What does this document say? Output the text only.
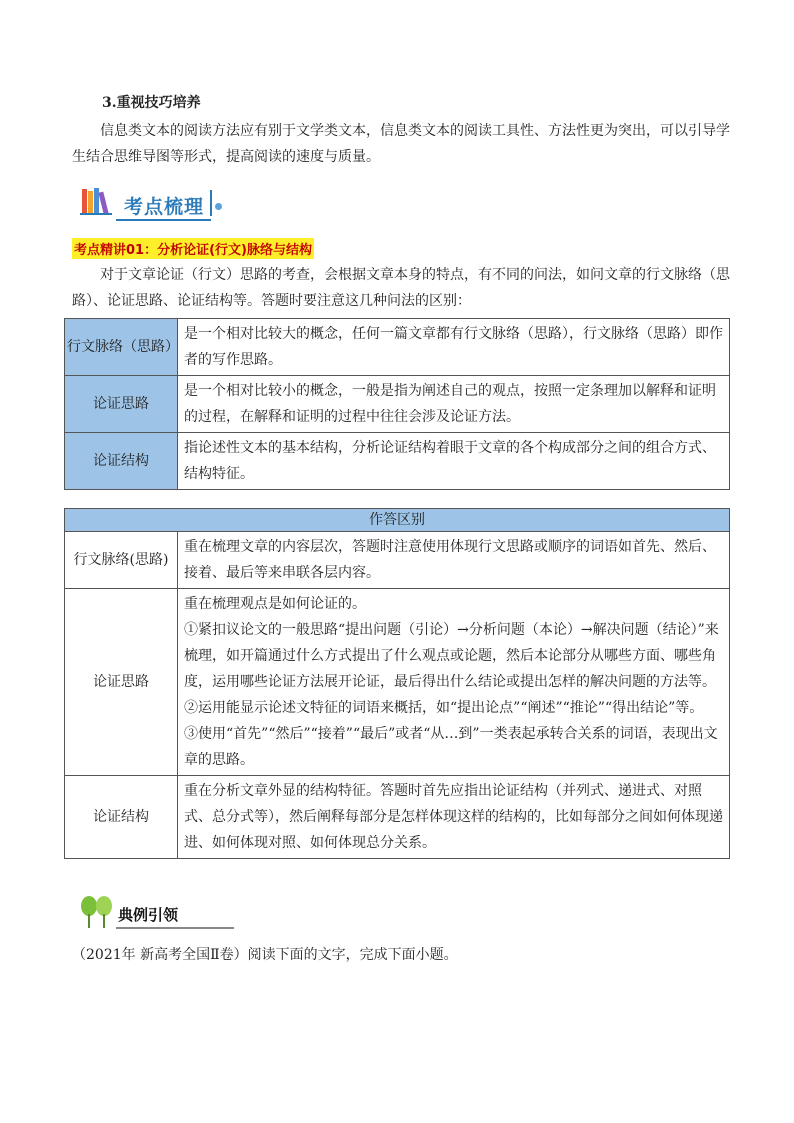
3.重视技巧培养

信息类文本的阅读方法应有别于文学类文本，信息类文本的阅读工具性、方法性更为突出，可以引导学生结合思维导图等形式，提高阅读的速度与质量。

考点梳理
考点精讲01：分析论证(行文)脉络与结构

对于文章论证（行文）思路的考查，会根据文章本身的特点，有不同的问法，如问文章的行文脉络（思路）、论证思路、论证结构等。答题时要注意这几种问法的区别：

行文脉络（思路）	是一个相对比较大的概念，任何一篇文章都有行文脉络（思路），行文脉络（思路）即作者的写作思路。
论证思路	是一个相对比较小的概念，一般是指为阐述自己的观点，按照一定条理加以解释和证明的过程，在解释和证明的过程中往往会涉及论证方法。
论证结构	指论述性文本的基本结构，分析论证结构着眼于文章的各个构成部分之间的组合方式、结构特征。
作答区别	
行文脉络(思路)	重在梳理文章的内容层次，答题时注意使用体现行文思路或顺序的词语如首先、然后、接着、最后等来串联各层内容。

论证思路	重在梳理观点是如何论证的。

①紧扣议论文的一般思路“提出问题（引论）→分析问题（本论）→解决问题（结论）”来梳理，如开篇通过什么方式提出了什么观点或论题，然后本论部分从哪些方面、哪些角度，运用哪些论证方法展开论证，最后得出什么结论或提出怎样的解决问题的方法等。

②运用能显示论述文特征的词语来概括，如“提出论点”“阐述”“推论”“得出结论”等。

③使用“首先”“然后”“接着”“最后”或者“从…到”一类表起承转合关系的词语，表现出文章的思路。

论证结构	重在分析文章外显的结构特征。答题时首先应指出论证结构（并列式、递进式、对照式、总分式等），然后阐释每部分是怎样体现这样的结构的，比如每部分之间如何体现递进、如何体现对照、如何体现总分关系。

典例引领
（2021年 新高考全国Ⅱ卷）阅读下面的文字，完成下面小题。
